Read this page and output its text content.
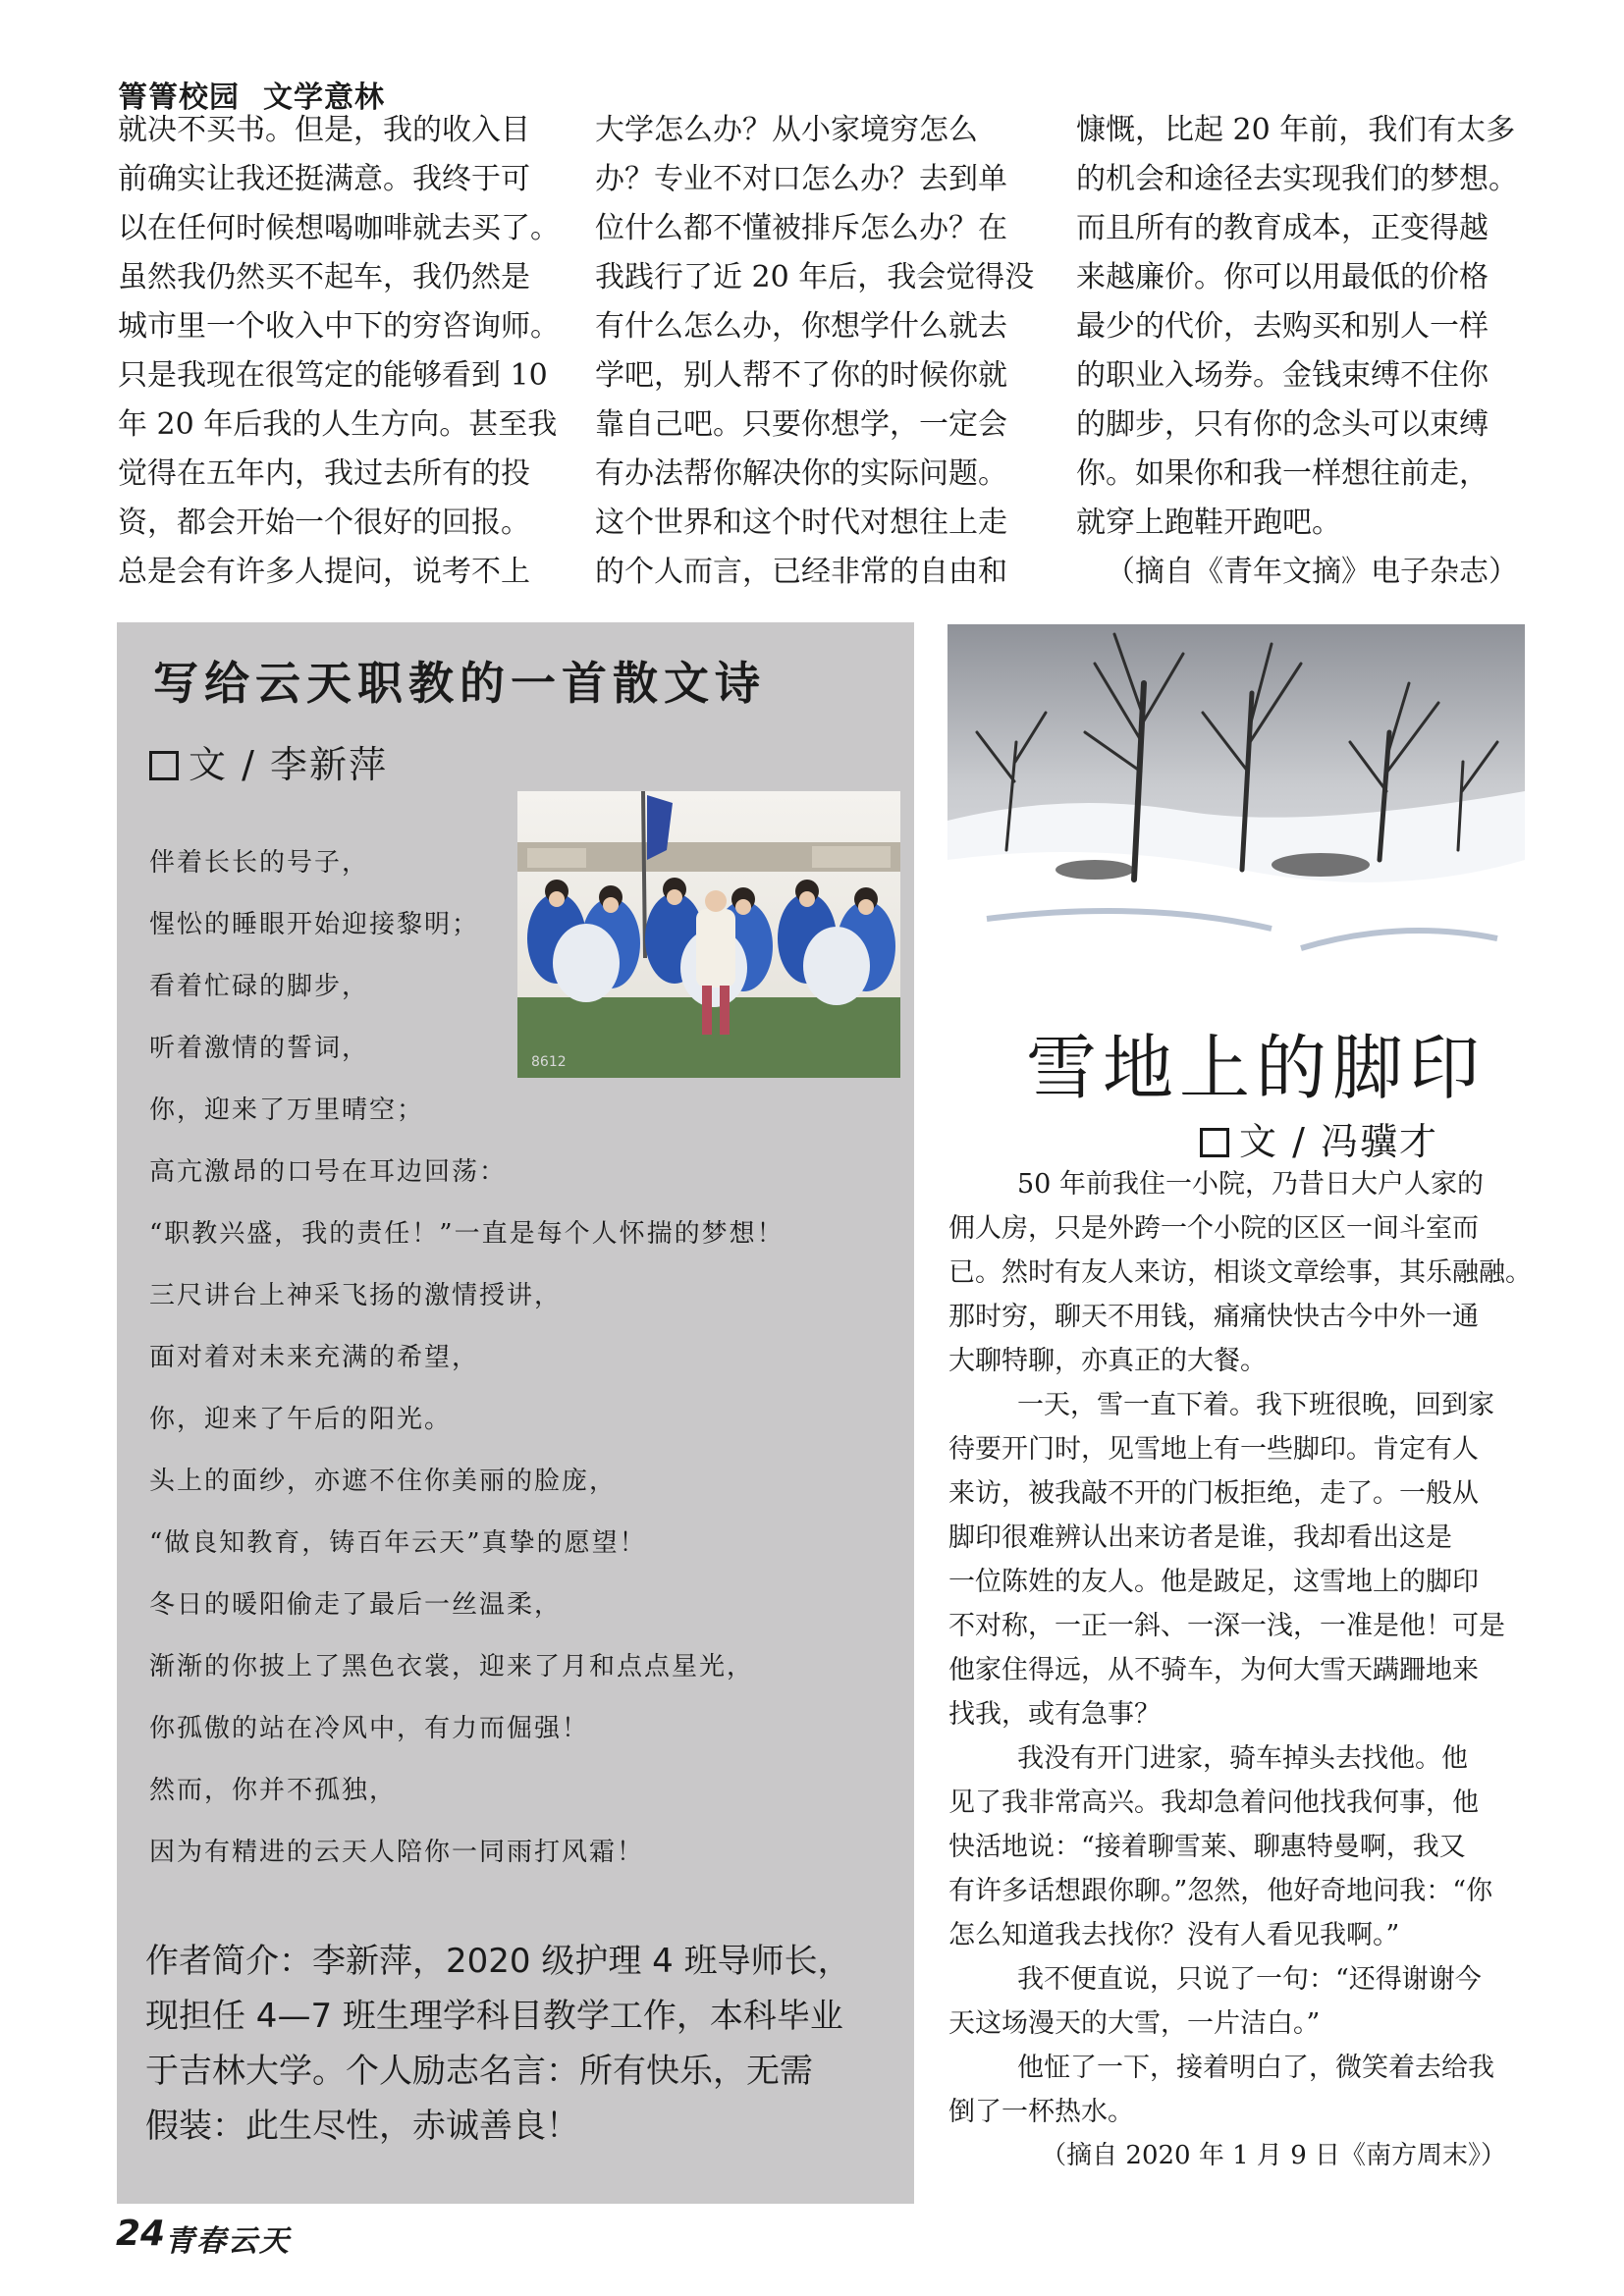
箐箐校园 文学意林

就决不买书。但是，我的收入目

前确实让我还挺满意。我终于可

以在任何时候想喝咖啡就去买了。

虽然我仍然买不起车，我仍然是

城市里一个收入中下的穷咨询师。

只是我现在很笃定的能够看到 10

年 20 年后我的人生方向。甚至我

觉得在五年内，我过去所有的投

资，都会开始一个很好的回报。

总是会有许多人提问，说考不上

大学怎么办？从小家境穷怎么

办？专业不对口怎么办？去到单

位什么都不懂被排斥怎么办？在

我践行了近 20 年后，我会觉得没

有什么怎么办，你想学什么就去

学吧，别人帮不了你的时候你就

靠自己吧。只要你想学，一定会

有办法帮你解决你的实际问题。

这个世界和这个时代对想往上走

的个人而言，已经非常的自由和

慷慨，比起 20 年前，我们有太多

的机会和途径去实现我们的梦想。

而且所有的教育成本，正变得越

来越廉价。你可以用最低的价格

最少的代价，去购买和别人一样

的职业入场券。金钱束缚不住你

的脚步，只有你的念头可以束缚

你。如果你和我一样想往前走，

就穿上跑鞋开跑吧。

（摘自《青年文摘》电子杂志）

写给云天职教的一首散文诗
文 / 李新萍
8612

伴着长长的号子，

惺忪的睡眼开始迎接黎明；

看着忙碌的脚步，

听着激情的誓词，

你，迎来了万里晴空；

高亢激昂的口号在耳边回荡：

“职教兴盛，我的责任！”一直是每个人怀揣的梦想！

三尺讲台上神采飞扬的激情授讲，

面对着对未来充满的希望，

你，迎来了午后的阳光。

头上的面纱，亦遮不住你美丽的脸庞，

“做良知教育，铸百年云天”真挚的愿望！

冬日的暖阳偷走了最后一丝温柔，

渐渐的你披上了黑色衣裳，迎来了月和点点星光，

你孤傲的站在冷风中，有力而倔强！

然而，你并不孤独，

因为有精进的云天人陪你一同雨打风霜！

作者简介：李新萍，2020 级护理 4 班导师长，

现担任 4—7 班生理学科目教学工作，本科毕业

于吉林大学。个人励志名言：所有快乐，无需

假装：此生尽性，赤诚善良！

雪地上的脚印
文 / 冯骥才

50 年前我住一小院，乃昔日大户人家的

佣人房，只是外跨一个小院的区区一间斗室而

已。然时有友人来访，相谈文章绘事，其乐融融。

那时穷，聊天不用钱，痛痛快快古今中外一通

大聊特聊，亦真正的大餐。

一天，雪一直下着。我下班很晚，回到家

待要开门时，见雪地上有一些脚印。肯定有人

来访，被我敲不开的门板拒绝，走了。一般从

脚印很难辨认出来访者是谁，我却看出这是

一位陈姓的友人。他是跛足，这雪地上的脚印

不对称，一正一斜、一深一浅，一准是他！可是

他家住得远，从不骑车，为何大雪天蹒跚地来

找我，或有急事？

我没有开门进家，骑车掉头去找他。他

见了我非常高兴。我却急着问他找我何事，他

快活地说：“接着聊雪莱、聊惠特曼啊，我又

有许多话想跟你聊。”忽然，他好奇地问我：“你

怎么知道我去找你？没有人看见我啊。”

我不便直说，只说了一句：“还得谢谢今

天这场漫天的大雪，一片洁白。”

他怔了一下，接着明白了，微笑着去给我

倒了一杯热水。

（摘自 2020 年 1 月 9 日《南方周末》）

24 青春云天
